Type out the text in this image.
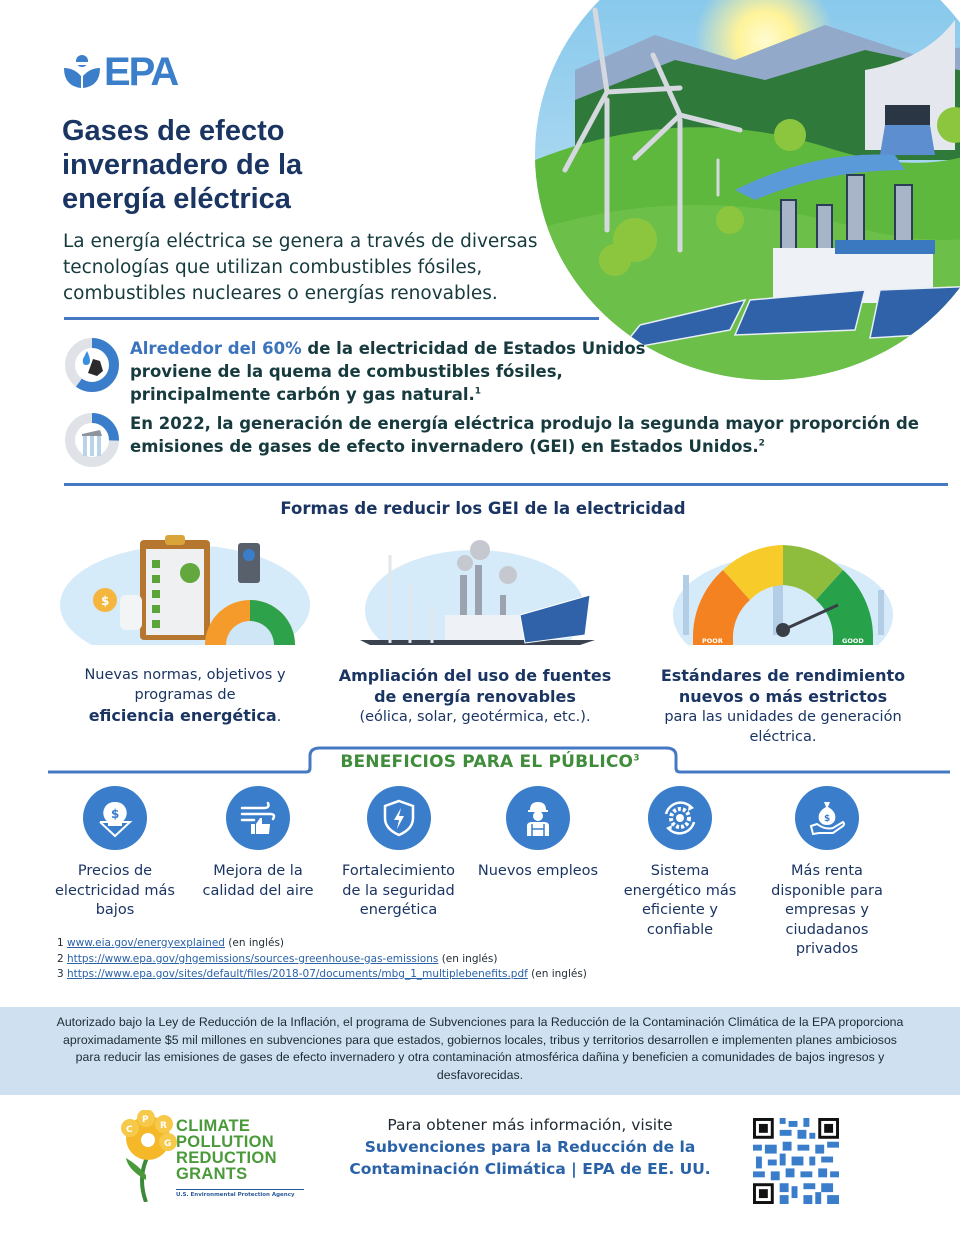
EPA
Gases de efecto
invernadero de la
energía eléctrica

La energía eléctrica se genera a través de diversas tecnologías que utilizan combustibles fósiles, combustibles nucleares o energías renovables.

Alrededor del 60% de la electricidad de Estados Unidos proviene de la quema de combustibles fósiles, principalmente carbón y gas natural.$^1$
En 2022, la generación de energía eléctrica produjo la segunda mayor proporción de emisiones de gases de efecto invernadero (GEI) en Estados Unidos.$^2$
Formas de reducir los GEI de la electricidad
$
Nuevas normas, objetivos y programas de
eficiencia energética.
Ampliación del uso de fuentes de energía renovables
(eólica, solar, geotérmica, etc.).
POOR	GOOD
Estándares de rendimiento nuevos o más estrictos
para las unidades de generación eléctrica.
BENEFICIOS PARA EL PÚBLICO$^3$
$
Precios de electricidad más bajos
Mejora de la calidad del aire
Fortalecimiento de la seguridad energética
Nuevos empleos	Sistema energético más eficiente y confiable
$
Más renta disponible para empresas y ciudadanos privados
1 www.eia.gov/energyexplained (en inglés)
2 https://www.epa.gov/ghgemissions/sources-greenhouse-gas-emissions (en inglés)
3 https://www.epa.gov/sites/default/files/2018-07/documents/mbg_1_multiplebenefits.pdf (en inglés)
Autorizado bajo la Ley de Reducción de la Inflación, el programa de Subvenciones para la Reducción de la Contaminación Climática de la EPA proporciona aproximadamente $5 mil millones en subvenciones para que estados, gobiernos locales, tribus y territorios desarrollen e implementen planes ambiciosos para reducir las emisiones de gases de efecto invernadero y otra contaminación atmosférica dañina y beneficien a comunidades de bajos ingresos y desfavorecidas.
C
P
R
G
CLIMATE
POLLUTION
REDUCTION
GRANTS
U.S. Environmental Protection Agency
Para obtener más información, visite
Subvenciones para la Reducción de la
Contaminación Climática | EPA de EE. UU.
